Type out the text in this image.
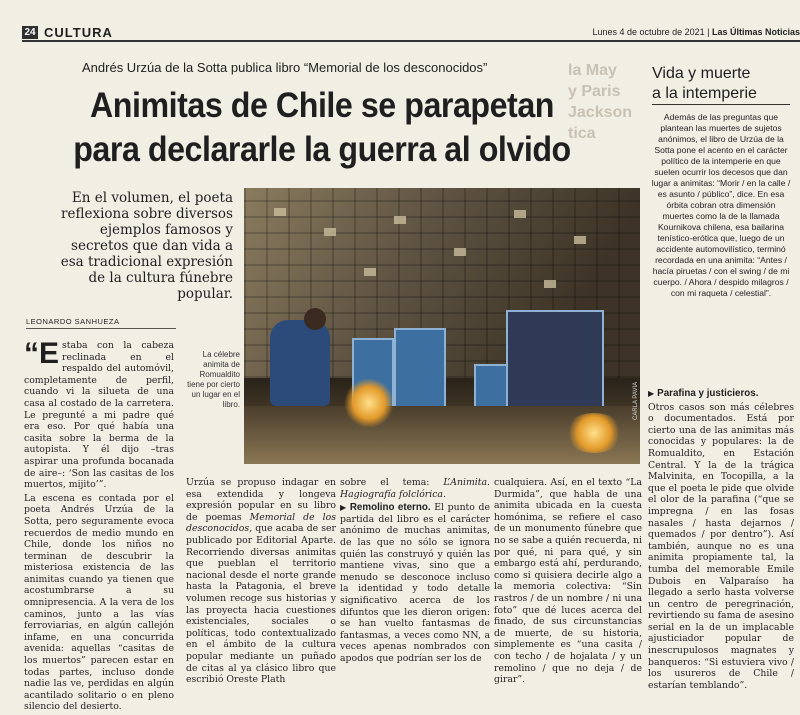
24 CULTURA	Lunes 4 de octubre de 2021 | Las Últimas Noticias
Andrés Urzúa de la Sotta publica libro “Memorial de los desconocidos”
Animitas de Chile se parapetan
para declararle la guerra al olvido
En el volumen, el poeta reflexiona sobre diversos ejemplos famosos y secretos que dan vida a esa tradicional expresión de la cultura fúnebre popular.
la May
y Paris
Jackson
tica
CARLA PAVIA
La célebre animita de Romualdito tiene por cierto un lugar en el libro.
Vida y muerte
a la intemperie
Además de las preguntas que plantean las muertes de sujetos anónimos, el libro de Urzúa de la Sotta pone el acento en el carácter político de la intemperie en que suelen ocurrir los decesos que dan lugar a animitas: “Morir / en la calle / es asunto / público”, dice. En esa órbita cobran otra dimensión muertes como la de la llamada Kournikova chilena, esa bailarina tenístico-erótica que, luego de un accidente automovilístico, terminó recordada en una animita: “Antes / hacía piruetas / con el swing / de mi cuerpo. / Ahora / despido milagros / con mi raqueta / celestial”.
LEONARDO SANHUEZA

“E staba con la cabeza reclinada en el respaldo del automóvil, completamente de perfil, cuando vi la silueta de una casa al costado de la carretera. Le pregunté a mi padre qué era eso. Por qué había una casita sobre la berma de la autopista. Y él dijo –tras aspirar una profunda bocanada de aire–: ‘Son las casitas de los muertos, mijito’”.

La escena es contada por el poeta Andrés Urzúa de la Sotta, pero seguramente evoca recuerdos de medio mundo en Chile, donde los niños no terminan de descubrir la misteriosa existencia de las animitas cuando ya tienen que acostumbrarse a su omnipresencia. A la vera de los caminos, junto a las vías ferroviarias, en algún callejón infame, en una concurrida avenida: aquellas “casitas de los muertos” parecen estar en todas partes, incluso donde nadie las ve, perdidas en algún acantilado solitario o en pleno silencio del desierto.

Urzúa se propuso indagar en esa extendida y longeva expresión popular en su libro de poemas Memorial de los desconocidos, que acaba de ser publicado por Editorial Aparte. Recorriendo diversas animitas que pueblan el territorio nacional desde el norte grande hasta la Patagonia, el breve volumen recoge sus historias y las proyecta hacia cuestiones existenciales, sociales o políticas, todo contextualizado en el ámbito de la cultura popular mediante un puñado de citas al ya clásico libro que escribió Oreste Plath

sobre el tema: L’Animita. Hagiografía folclórica.

▶ Remolino eterno. El punto de partida del libro es el carácter anónimo de muchas animitas, de las que no sólo se ignora quién las construyó y quién las mantiene vivas, sino que a menudo se desconoce incluso la identidad y todo detalle significativo acerca de los difuntos que les dieron origen: se han vuelto fantasmas de fantasmas, a veces como NN, a veces apenas nombrados con apodos que podrían ser los de

cualquiera. Así, en el texto “La Durmida”, que habla de una animita ubicada en la cuesta homónima, se refiere el caso de un monumento fúnebre que no se sabe a quién recuerda, ni por qué, ni para qué, y sin embargo está ahí, perdurando, como si quisiera decirle algo a la memoria colectiva: “Sin rastros / de un nombre / ni una foto” que dé luces acerca del finado, de sus circunstancias de muerte, de su historia, simplemente es “una casita / con techo / de hojalata / y un remolino / que no deja / de girar”.

▶ Parafina y justicieros.

Otros casos son más célebres o documentados. Está por cierto una de las animitas más conocidas y populares: la de Romualdito, en Estación Central. Y la de la trágica Malvinita, en Tocopilla, a la que el poeta le pide que olvide el olor de la parafina (“que se impregna / en las fosas nasales / hasta dejarnos / quemados / por dentro”). Así también, aunque no es una animita propiamente tal, la tumba del memorable Emile Dubois en Valparaíso ha llegado a serlo hasta volverse un centro de peregrinación, revirtiendo su fama de asesino serial en la de un implacable ajusticiador popular de inescrupulosos magnates y banqueros: “Si estuviera vivo / los usureros de Chile / estarían temblando”.
